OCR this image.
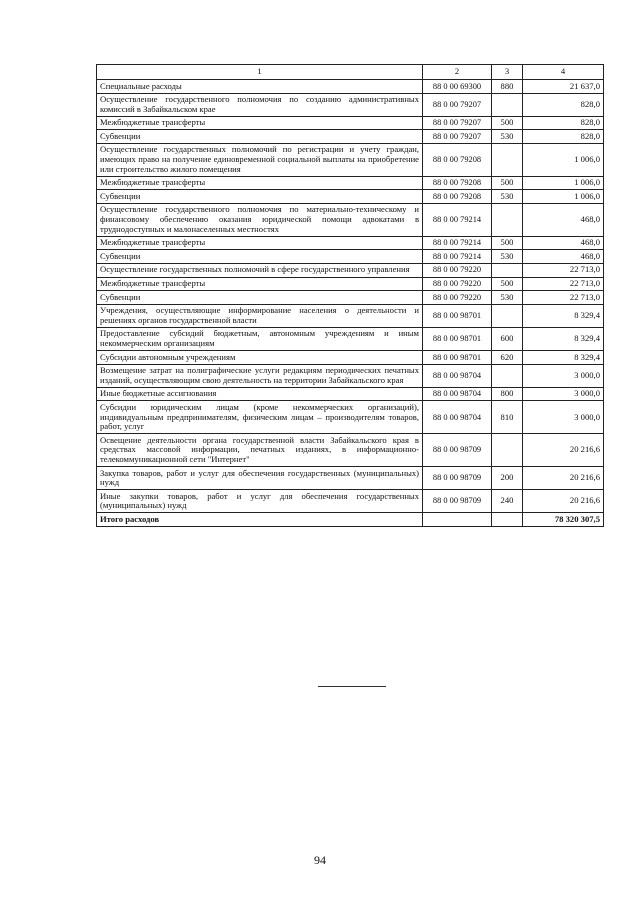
1	2	3	4
Специальные расходы	88 0 00 69300	880	21 637,0
Осуществление государственного полномочия по созданию административных комиссий в Забайкальском крае	88 0 00 79207		828,0
Межбюджетные трансферты	88 0 00 79207	500	828,0
Субвенции	88 0 00 79207	530	828,0
Осуществление государственных полномочий по регистрации и учету граждан, имеющих право на получение единовременной социальной выплаты на приобретение или строительство жилого помещения	88 0 00 79208		1 006,0
Межбюджетные трансферты	88 0 00 79208	500	1 006,0
Субвенции	88 0 00 79208	530	1 006,0
Осуществление государственного полномочия по материально-техническому и финансовому обеспечению оказания юридической помощи адвокатами в труднодоступных и малонаселенных местностях	88 0 00 79214		468,0
Межбюджетные трансферты	88 0 00 79214	500	468,0
Субвенции	88 0 00 79214	530	468,0
Осуществление государственных полномочий в сфере государственного управления	88 0 00 79220		22 713,0
Межбюджетные трансферты	88 0 00 79220	500	22 713,0
Субвенции	88 0 00 79220	530	22 713,0
Учреждения, осуществляющие информирование населения о деятельности и решениях органов государственной власти	88 0 00 98701		8 329,4
Предоставление субсидий бюджетным, автономным учреждениям и иным некоммерческим организациям	88 0 00 98701	600	8 329,4
Субсидии автономным учреждениям	88 0 00 98701	620	8 329,4
Возмещение затрат на полиграфические услуги редакциям периодических печатных изданий, осуществляющим свою деятельность на территории Забайкальского края	88 0 00 98704		3 000,0
Иные бюджетные ассигнования	88 0 00 98704	800	3 000,0
Субсидии юридическим лицам (кроме некоммерческих организаций), индивидуальным предпринимателям, физическим лицам – производителям товаров, работ, услуг	88 0 00 98704	810	3 000,0
Освещение деятельности органа государственной власти Забайкальского края в средствах массовой информации, печатных изданиях, в информационно-телекоммуникационной сети "Интернет"	88 0 00 98709		20 216,6
Закупка товаров, работ и услуг для обеспечения государственных (муниципальных) нужд	88 0 00 98709	200	20 216,6
Иные закупки товаров, работ и услуг для обеспечения государственных (муниципальных) нужд	88 0 00 98709	240	20 216,6
Итого расходов			78 320 307,5
94
